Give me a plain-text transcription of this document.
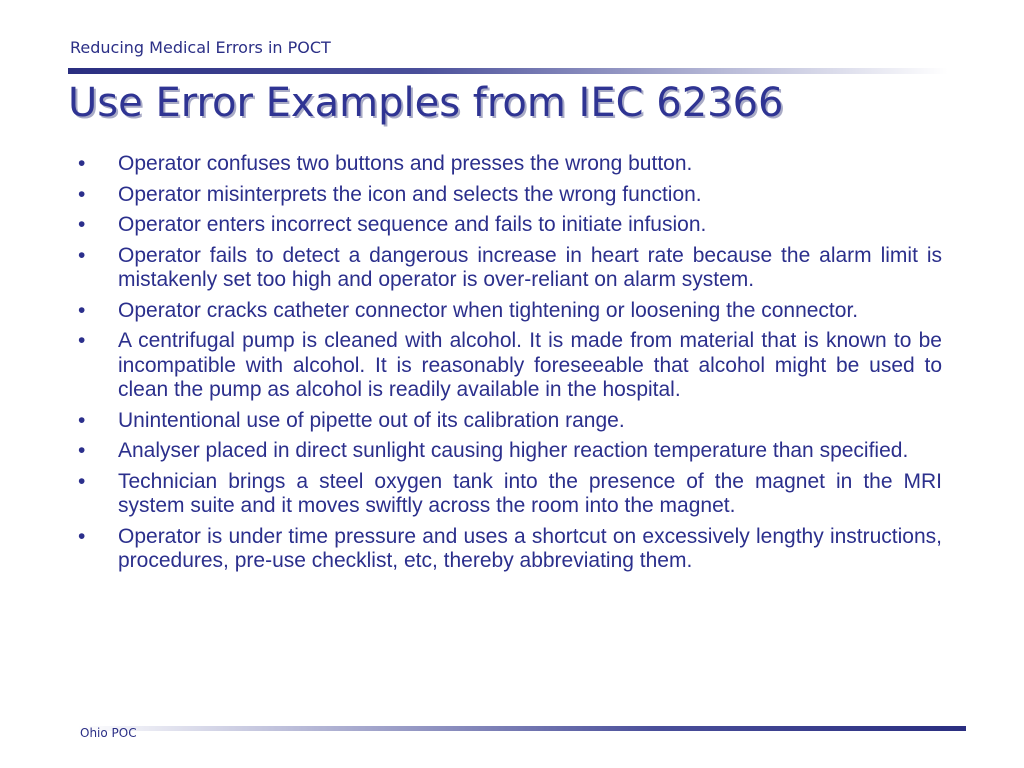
Reducing Medical Errors in POCT
Use Error Examples from IEC 62366
•	Operator confuses two buttons and presses the wrong button.
•	Operator misinterprets the icon and selects the wrong function.
•	Operator enters incorrect sequence and fails to initiate infusion.
•	Operator fails to detect a dangerous increase in heart rate because the alarm limit is mistakenly set too high and operator is over-reliant on alarm system.
•	Operator cracks catheter connector when tightening or loosening the connector.
•	A centrifugal pump is cleaned with alcohol. It is made from material that is known to be incompatible with alcohol. It is reasonably foreseeable that alcohol might be used to clean the pump as alcohol is readily available in the hospital.
•	Unintentional use of pipette out of its calibration range.
•	Analyser placed in direct sunlight causing higher reaction temperature than specified.
•	Technician brings a steel oxygen tank into the presence of the magnet in the MRI system suite and it moves swiftly across the room into the magnet.
•	Operator is under time pressure and uses a shortcut on excessively lengthy instructions, procedures, pre-use checklist, etc, thereby abbreviating them.
Ohio POC
